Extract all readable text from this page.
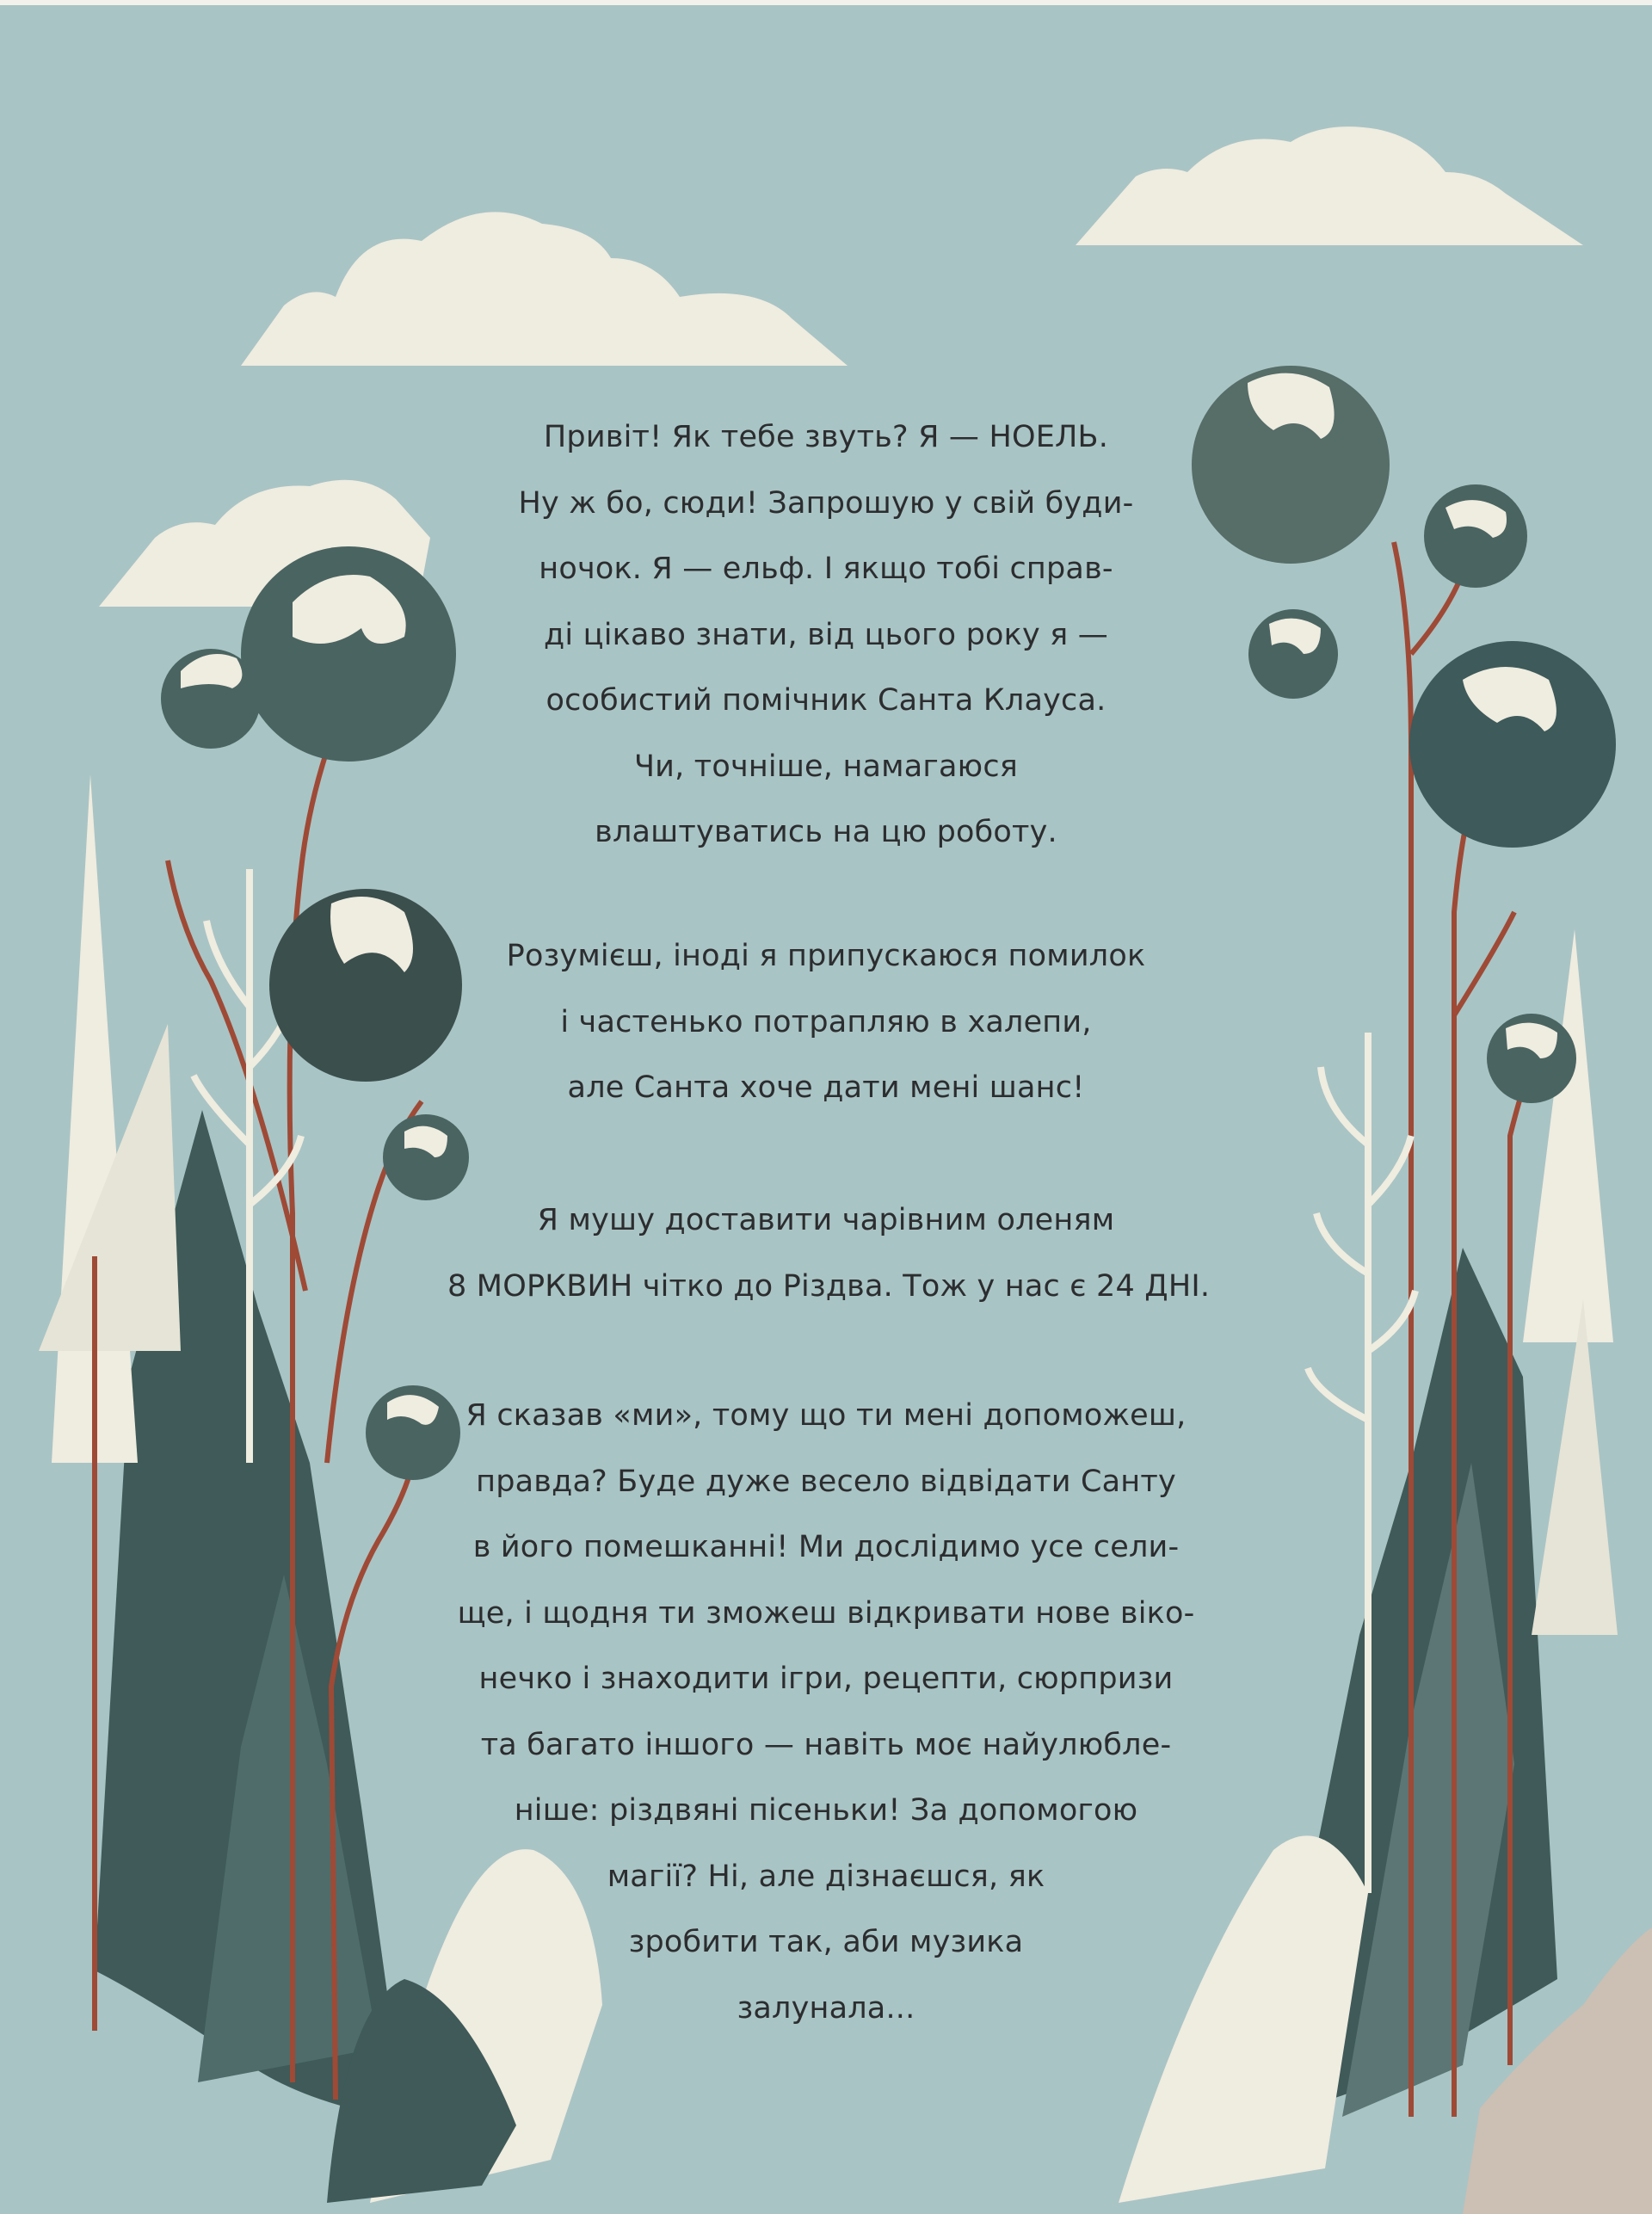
Привіт! Як тебе звуть? Я — НОЕЛЬ.
Ну ж бо, сюди! Запрошую у свій буди-
ночок. Я — ельф. І якщо тобі справ-
ді цікаво знати, від цього року я —
особистий помічник Санта Клауса.
Чи, точніше, намагаюся
влаштуватись на цю роботу.
Розумієш, іноді я припускаюся помилок
і частенько потрапляю в халепи,
але Санта хоче дати мені шанс!
Я мушу доставити чарівним оленям
8 МОРКВИН чітко до Різдва. Тож у нас є 24 ДНІ.
Я сказав «ми», тому що ти мені допоможеш,
правда? Буде дуже весело відвідати Санту
в його помешканні! Ми дослідимо усе сели-
ще, і щодня ти зможеш відкривати нове віко-
нечко і знаходити ігри, рецепти, сюрпризи
та багато іншого — навіть моє найулюбле-
ніше: різдвяні пісеньки! За допомогою
магії? Ні, але дізнаєшся, як
зробити так, аби музика
залунала...
